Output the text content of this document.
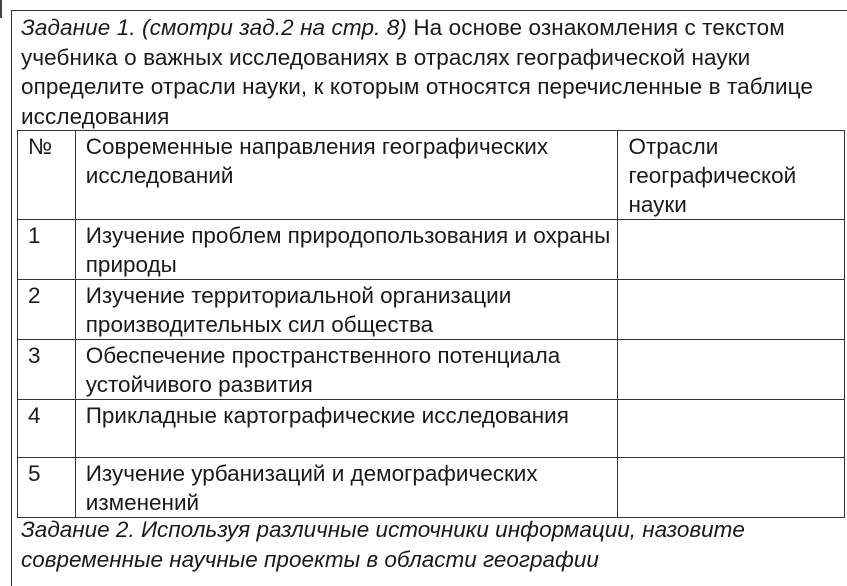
Задание 1. (смотри зад.2 на стр. 8) На основе ознакомления с текстом учебника о важных исследованиях в отраслях географической науки определите отрасли науки, к которым относятся перечисленные в таблице исследования
№	Современные направления географических исследований	Отрасли географической науки

1	Изучение проблем природопользования и охраны природы	

2	Изучение территориальной организации производительных сил общества	

3	Обеспечение пространственного потенциала устойчивого развития	

4	Прикладные картографические исследования	

5	Изучение урбанизаций и демографических изменений	

Задание 2. Используя различные источники информации, назовите современные научные проекты в области географии
